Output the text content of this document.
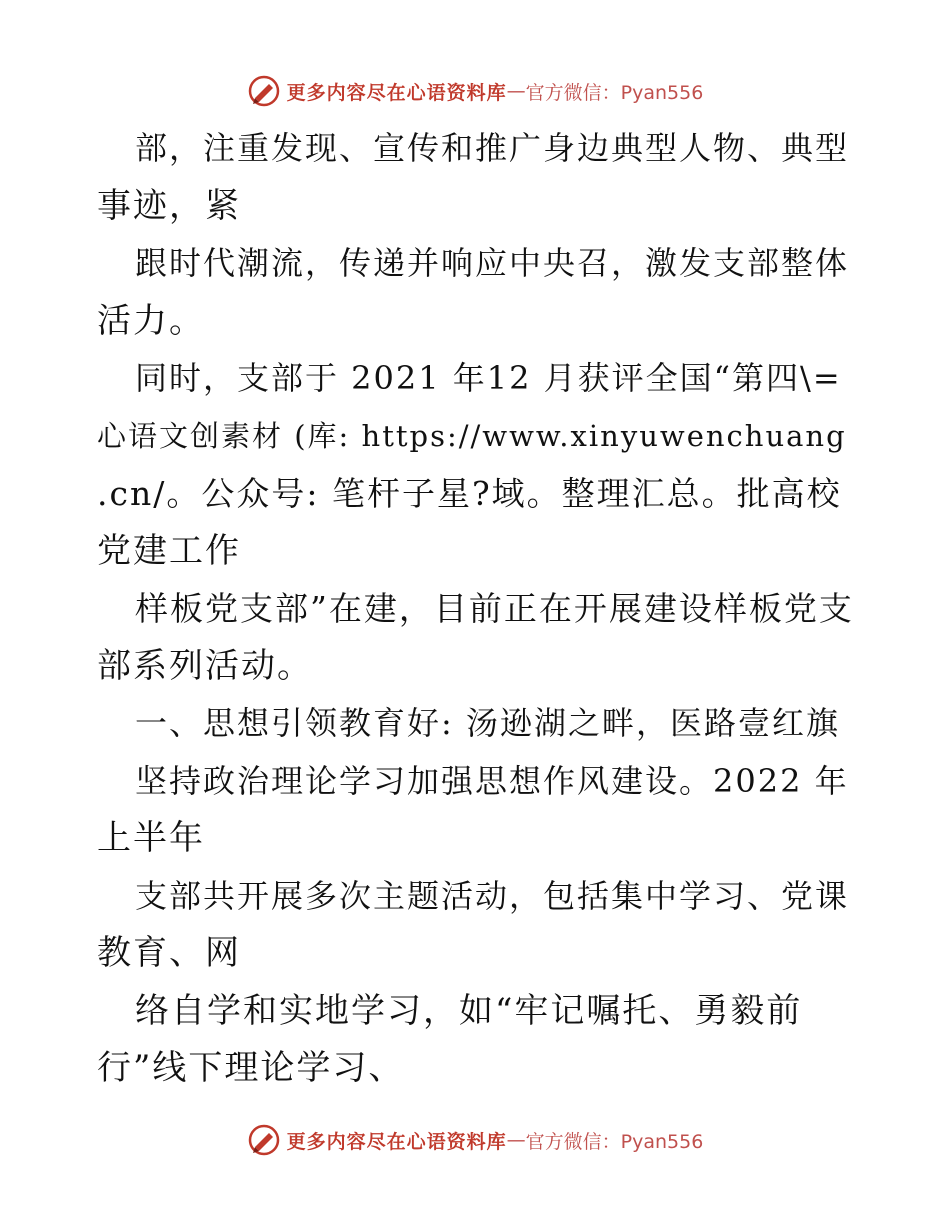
更多内容尽在心语资料库 — 官方微信：Pyan556
部，注重发现、宣传和推广身边典型人物、典型
事迹，紧
跟时代潮流，传递并响应中央召，激发支部整体
活力。
同时，支部于 2021 年12 月获评全国“第四\=
心语文创素材 (库: https://www.xinyuwenchuang
.cn/。公众号: 笔杆子星?域。整理汇总。批高校
党建工作
样板党支部”在建，目前正在开展建设样板党支
部系列活动。
一、思想引领教育好: 汤逊湖之畔，医路壹红旗
坚持政治理论学习加强思想作风建设。2022 年
上半年
支部共开展多次主题活动，包括集中学习、党课
教育、网
络自学和实地学习，如“牢记嘱托、勇毅前
行”线下理论学习、
更多内容尽在心语资料库 — 官方微信：Pyan556
